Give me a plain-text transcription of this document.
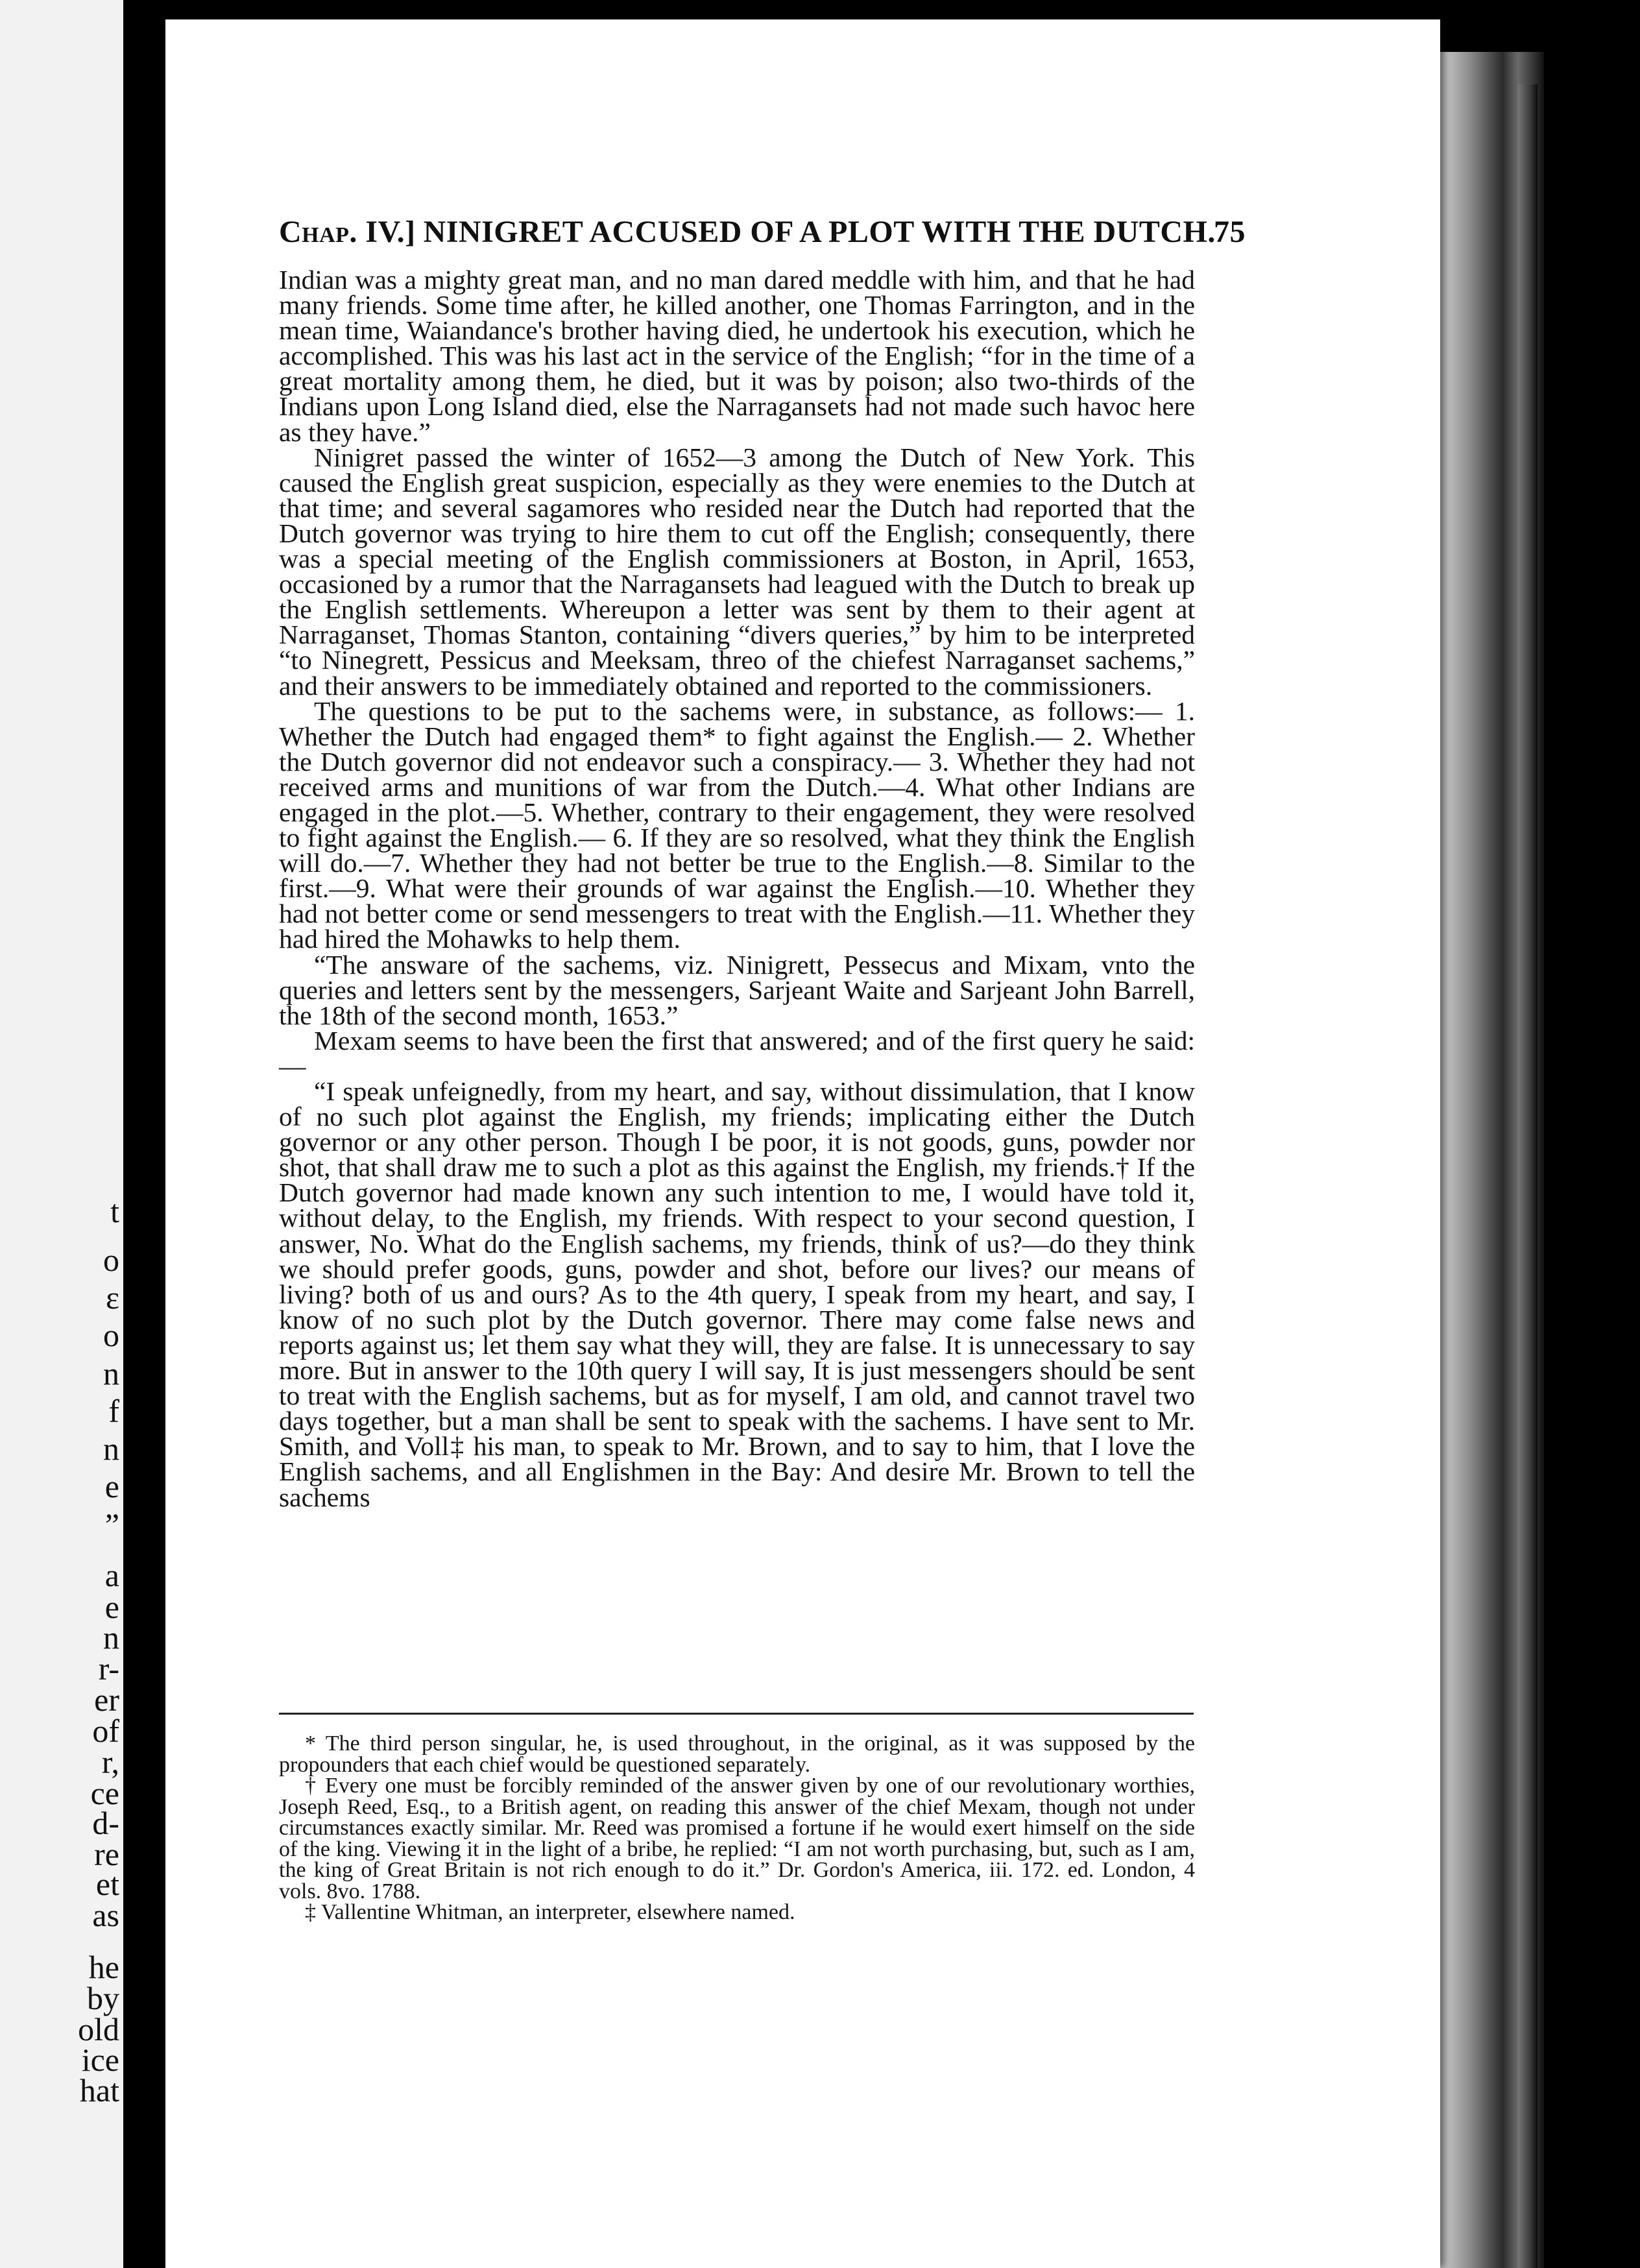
t
o
ε
o
n
f
n
e
”
a
e
n
r-
er
of
r,
ce
d-
re
et
as
he
by
old
ice
hat
Chap. IV.] NINIGRET ACCUSED OF A PLOT WITH THE DUTCH.
75

Indian was a mighty great man, and no man dared meddle with him, and that he had many friends. Some time after, he killed another, one Thomas Farrington, and in the mean time, Waiandance's brother having died, he undertook his execution, which he accomplished. This was his last act in the service of the English; “for in the time of a great mortality among them, he died, but it was by poison; also two-thirds of the Indians upon Long Island died, else the Narragansets had not made such havoc here as they have.”

Ninigret passed the winter of 1652—3 among the Dutch of New York. This caused the English great suspicion, especially as they were enemies to the Dutch at that time; and several sagamores who resided near the Dutch had reported that the Dutch governor was trying to hire them to cut off the English; consequently, there was a special meeting of the English commissioners at Boston, in April, 1653, occasioned by a rumor that the Narragansets had leagued with the Dutch to break up the English settlements. Whereupon a letter was sent by them to their agent at Narraganset, Thomas Stanton, containing “divers queries,” by him to be interpreted “to Ninegrett, Pessicus and Meeksam, threo of the chiefest Narraganset sachems,” and their answers to be immediately obtained and reported to the commissioners.

The questions to be put to the sachems were, in substance, as follows:— 1. Whether the Dutch had engaged them* to fight against the English.— 2. Whether the Dutch governor did not endeavor such a conspiracy.— 3. Whether they had not received arms and munitions of war from the Dutch.—4. What other Indians are engaged in the plot.—5. Whether, contrary to their engagement, they were resolved to fight against the English.— 6. If they are so resolved, what they think the English will do.—7. Whether they had not better be true to the English.—8. Similar to the first.—9. What were their grounds of war against the English.—10. Whether they had not better come or send messengers to treat with the English.—11. Whether they had hired the Mohawks to help them.

“The answare of the sachems, viz. Ninigrett, Pessecus and Mixam, vnto the queries and letters sent by the messengers, Sarjeant Waite and Sarjeant John Barrell, the 18th of the second month, 1653.”

Mexam seems to have been the first that answered; and of the first query he said:—

“I speak unfeignedly, from my heart, and say, without dissimulation, that I know of no such plot against the English, my friends; implicating either the Dutch governor or any other person. Though I be poor, it is not goods, guns, powder nor shot, that shall draw me to such a plot as this against the English, my friends.† If the Dutch governor had made known any such intention to me, I would have told it, without delay, to the English, my friends. With respect to your second question, I answer, No. What do the English sachems, my friends, think of us?—do they think we should prefer goods, guns, powder and shot, before our lives? our means of living? both of us and ours? As to the 4th query, I speak from my heart, and say, I know of no such plot by the Dutch governor. There may come false news and reports against us; let them say what they will, they are false. It is unnecessary to say more. But in answer to the 10th query I will say, It is just messengers should be sent to treat with the English sachems, but as for myself, I am old, and cannot travel two days together, but a man shall be sent to speak with the sachems. I have sent to Mr. Smith, and Voll‡ his man, to speak to Mr. Brown, and to say to him, that I love the English sachems, and all Englishmen in the Bay: And desire Mr. Brown to tell the sachems

* The third person singular, he, is used throughout, in the original, as it was supposed by the propounders that each chief would be questioned separately.

† Every one must be forcibly reminded of the answer given by one of our revolutionary worthies, Joseph Reed, Esq., to a British agent, on reading this answer of the chief Mexam, though not under circumstances exactly similar. Mr. Reed was promised a fortune if he would exert himself on the side of the king. Viewing it in the light of a bribe, he replied: “I am not worth purchasing, but, such as I am, the king of Great Britain is not rich enough to do it.” Dr. Gordon's America, iii. 172. ed. London, 4 vols. 8vo. 1788.

‡ Vallentine Whitman, an interpreter, elsewhere named.
